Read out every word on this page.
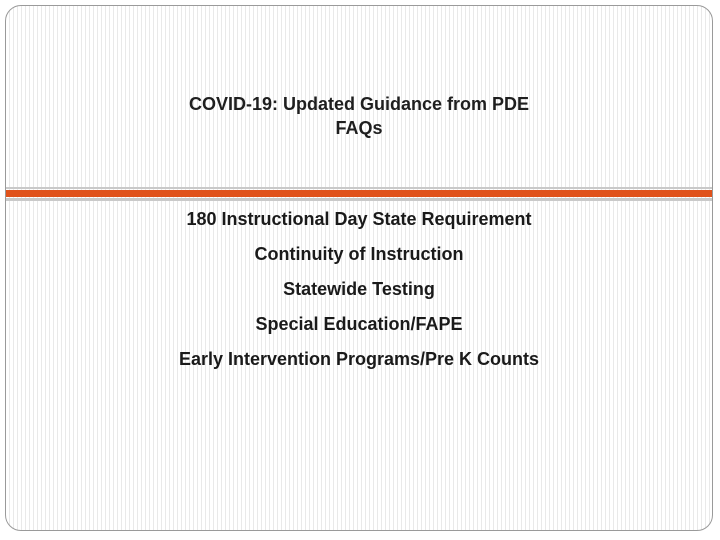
COVID-19: Updated Guidance from PDE
FAQs
180 Instructional Day State Requirement
Continuity of Instruction
Statewide Testing
Special Education/FAPE
Early Intervention Programs/Pre K Counts
